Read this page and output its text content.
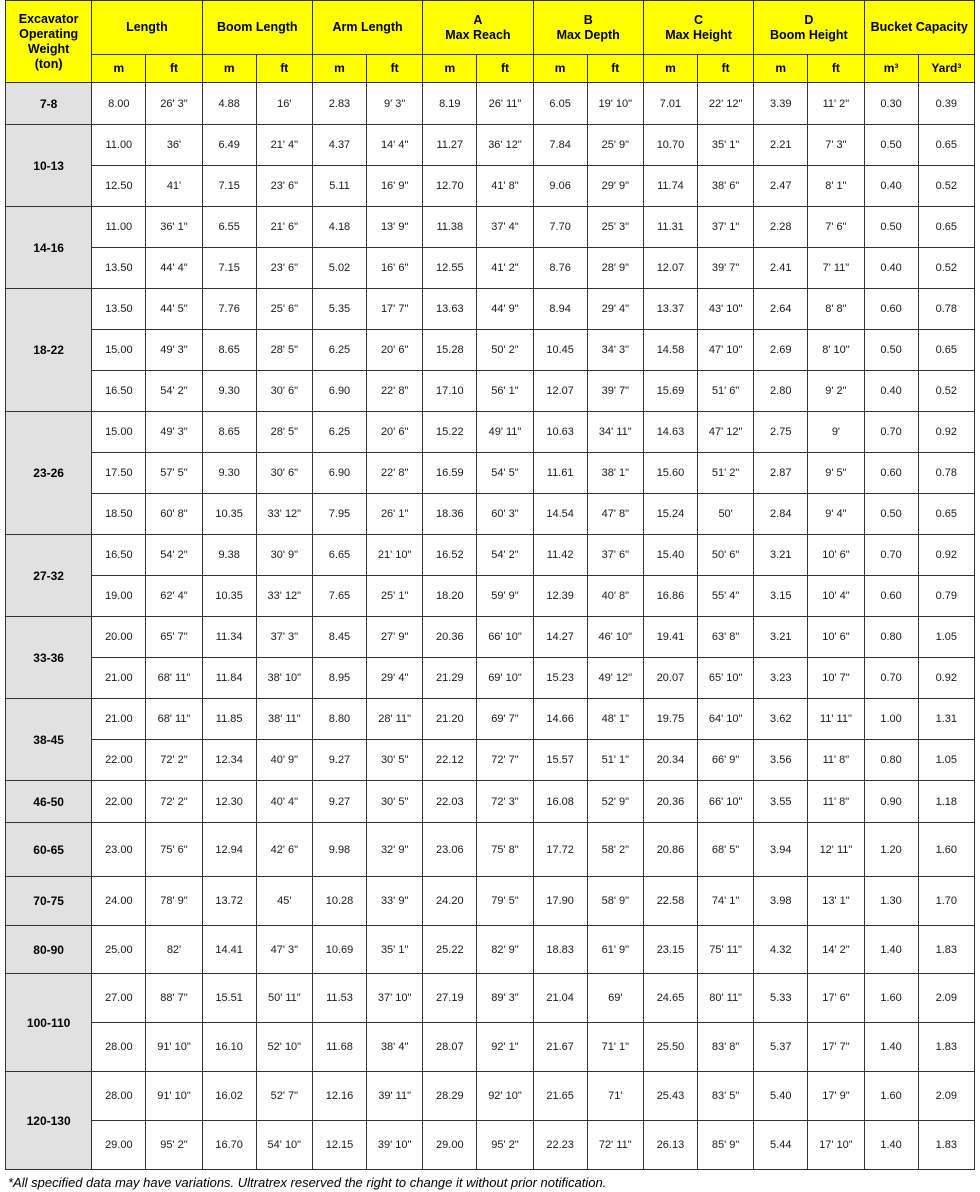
Excavator
Operating
Weight
(ton)	Length		Boom Length		Arm Length		A
Max Reach		B
Max Depth		C
Max Height		D
Boom Height		Bucket Capacity	

	m	ft	m	ft	m	ft	m	ft	m	ft	m	ft	m	ft	m³	Yard³
7-8	8.00	26' 3"	4.88	16'	2.83	9' 3"	8.19	26' 11"	6.05	19' 10"	7.01	22' 12"	3.39	11' 2"	0.30	0.39
10-13	11.00	36'	6.49	21' 4"	4.37	14' 4"	11.27	36' 12"	7.84	25' 9"	10.70	35' 1"	2.21	7' 3"	0.50	0.65
	12.50	41'	7.15	23' 6"	5.11	16' 9"	12.70	41' 8"	9.06	29' 9"	11.74	38' 6"	2.47	8' 1"	0.40	0.52
14-16	11.00	36' 1"	6.55	21' 6"	4.18	13' 9"	11.38	37' 4"	7.70	25' 3"	11.31	37' 1"	2.28	7' 6"	0.50	0.65
	13.50	44' 4"	7.15	23' 6"	5.02	16' 6"	12.55	41' 2"	8.76	28' 9"	12.07	39' 7"	2.41	7' 11"	0.40	0.52
18-22	13.50	44' 5"	7.76	25' 6"	5.35	17' 7"	13.63	44' 9"	8.94	29' 4"	13.37	43' 10"	2.64	8' 8"	0.60	0.78
	15.00	49' 3"	8.65	28' 5"	6.25	20' 6"	15.28	50' 2"	10.45	34' 3"	14.58	47' 10"	2.69	8' 10"	0.50	0.65
	16.50	54' 2"	9.30	30' 6"	6.90	22' 8"	17.10	56' 1"	12.07	39' 7"	15.69	51' 6"	2.80	9' 2"	0.40	0.52
23-26	15.00	49' 3"	8.65	28' 5"	6.25	20' 6"	15.22	49' 11"	10.63	34' 11"	14.63	47' 12"	2.75	9'	0.70	0.92
	17.50	57' 5"	9.30	30' 6"	6.90	22' 8"	16.59	54' 5"	11.61	38' 1"	15.60	51' 2"	2.87	9' 5"	0.60	0.78
	18.50	60' 8"	10.35	33' 12"	7.95	26' 1"	18.36	60' 3"	14.54	47' 8"	15.24	50'	2.84	9' 4"	0.50	0.65
27-32	16.50	54' 2"	9.38	30' 9"	6.65	21' 10"	16.52	54' 2"	11.42	37' 6"	15.40	50' 6"	3.21	10' 6"	0.70	0.92
	19.00	62' 4"	10.35	33' 12"	7.65	25' 1"	18.20	59' 9"	12.39	40' 8"	16.86	55' 4"	3.15	10' 4"	0.60	0.79
33-36	20.00	65' 7"	11.34	37' 3"	8.45	27' 9"	20.36	66' 10"	14.27	46' 10"	19.41	63' 8"	3.21	10' 6"	0.80	1.05
	21.00	68' 11"	11.84	38' 10"	8.95	29' 4"	21.29	69' 10"	15.23	49' 12"	20.07	65' 10"	3.23	10' 7"	0.70	0.92
38-45	21.00	68' 11"	11.85	38' 11"	8.80	28' 11"	21.20	69' 7"	14.66	48' 1"	19.75	64' 10"	3.62	11' 11"	1.00	1.31
	22.00	72' 2"	12.34	40' 9"	9.27	30' 5"	22.12	72' 7"	15.57	51' 1"	20.34	66' 9"	3.56	11' 8"	0.80	1.05
46-50	22.00	72' 2"	12.30	40' 4"	9.27	30' 5"	22.03	72' 3"	16.08	52' 9"	20.36	66' 10"	3.55	11' 8"	0.90	1.18
60-65	23.00	75' 6"	12.94	42' 6"	9.98	32' 9"	23.06	75' 8"	17.72	58' 2"	20.86	68' 5"	3.94	12' 11"	1.20	1.60
70-75	24.00	78' 9"	13.72	45'	10.28	33' 9"	24.20	79' 5"	17.90	58' 9"	22.58	74' 1"	3.98	13' 1"	1.30	1.70
80-90	25.00	82'	14.41	47' 3"	10.69	35' 1"	25.22	82' 9"	18.83	61' 9"	23.15	75' 11"	4.32	14' 2"	1.40	1.83
100-110	27.00	88' 7"	15.51	50' 11"	11.53	37' 10"	27.19	89' 3"	21.04	69'	24.65	80' 11"	5.33	17' 6"	1.60	2.09
	28.00	91' 10"	16.10	52' 10"	11.68	38' 4"	28.07	92' 1"	21.67	71' 1"	25.50	83' 8"	5.37	17' 7"	1.40	1.83
120-130	28.00	91' 10"	16.02	52' 7"	12.16	39' 11"	28.29	92' 10"	21.65	71'	25.43	83' 5"	5.40	17' 9"	1.60	2.09
	29.00	95' 2"	16.70	54' 10"	12.15	39' 10"	29.00	95' 2"	22.23	72' 11"	26.13	85' 9"	5.44	17' 10"	1.40	1.83
*All specified data may have variations. Ultratrex reserved the right to change it without prior notification.
